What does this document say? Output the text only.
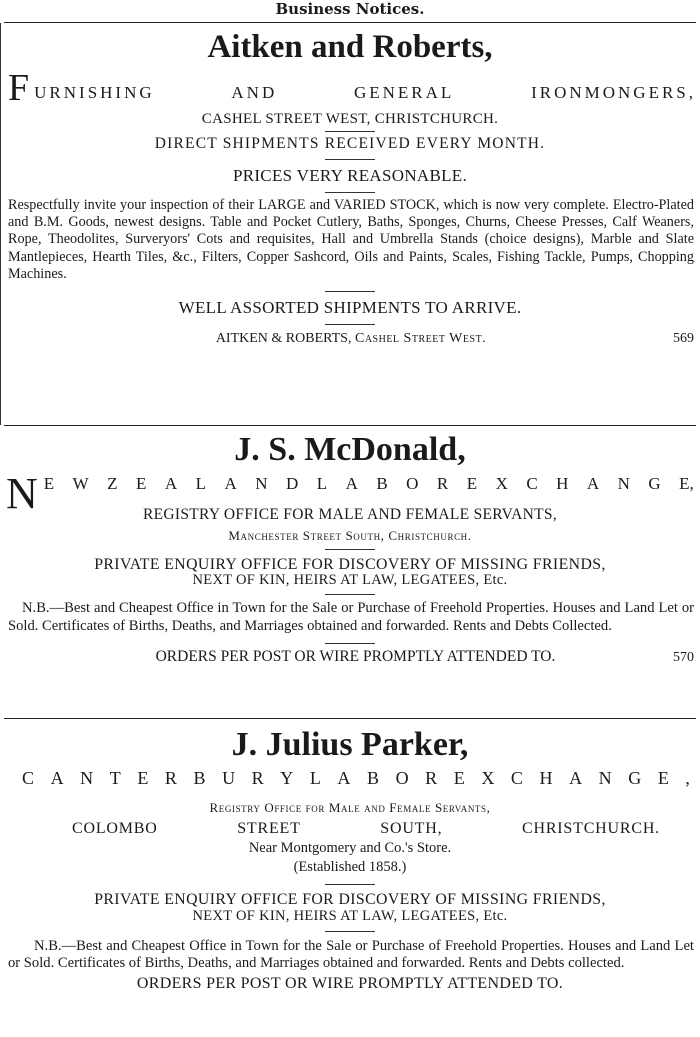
Business Notices.
Aitken and Roberts,
F URNISHING	AND	GENERAL	IRONMONGERS,
CASHEL STREET WEST, CHRISTCHURCH.
DIRECT SHIPMENTS RECEIVED EVERY MONTH.
PRICES VERY REASONABLE.
Respectfully invite your inspection of their LARGE and VARIED STOCK, which is now very complete. Electro-Plated and B.M. Goods, newest designs. Table and Pocket Cutlery, Baths, Sponges, Churns, Cheese Presses, Calf Weaners, Rope, Theodolites, Surveryors' Cots and requisites, Hall and Umbrella Stands (choice designs), Marble and Slate Mantlepieces, Hearth Tiles, &c., Filters, Copper Sashcord, Oils and Paints, Scales, Fishing Tackle, Pumps, Chopping Machines.
WELL ASSORTED SHIPMENTS TO ARRIVE.
AITKEN & ROBERTS, Cashel Street West.	569
J. S. McDonald,
N E W Z E A L A N D L A B O R E X C H A N G E,
REGISTRY OFFICE FOR MALE AND FEMALE SERVANTS,
Manchester Street South, Christchurch.
PRIVATE ENQUIRY OFFICE FOR DISCOVERY OF MISSING FRIENDS,
NEXT OF KIN, HEIRS AT LAW, LEGATEES, Etc.
N.B.—Best and Cheapest Office in Town for the Sale or Purchase of Freehold Properties. Houses and Land Let or Sold. Certificates of Births, Deaths, and Marriages obtained and forwarded. Rents and Debts Collected.
ORDERS PER POST OR WIRE PROMPTLY ATTENDED TO.	570
J. Julius Parker,
C A N T E R B U R Y L A B O R E X C H A N G E ,
Registry Office for Male and Female Servants,
COLOMBO	STREET	SOUTH,	CHRISTCHURCH.
Near Montgomery and Co.'s Store.
(Established 1858.)
PRIVATE ENQUIRY OFFICE FOR DISCOVERY OF MISSING FRIENDS,
NEXT OF KIN, HEIRS AT LAW, LEGATEES, Etc.
N.B.—Best and Cheapest Office in Town for the Sale or Purchase of Freehold Properties. Houses and Land Let or Sold. Certificates of Births, Deaths, and Marriages obtained and forwarded. Rents and Debts collected.
ORDERS PER POST OR WIRE PROMPTLY ATTENDED TO.
